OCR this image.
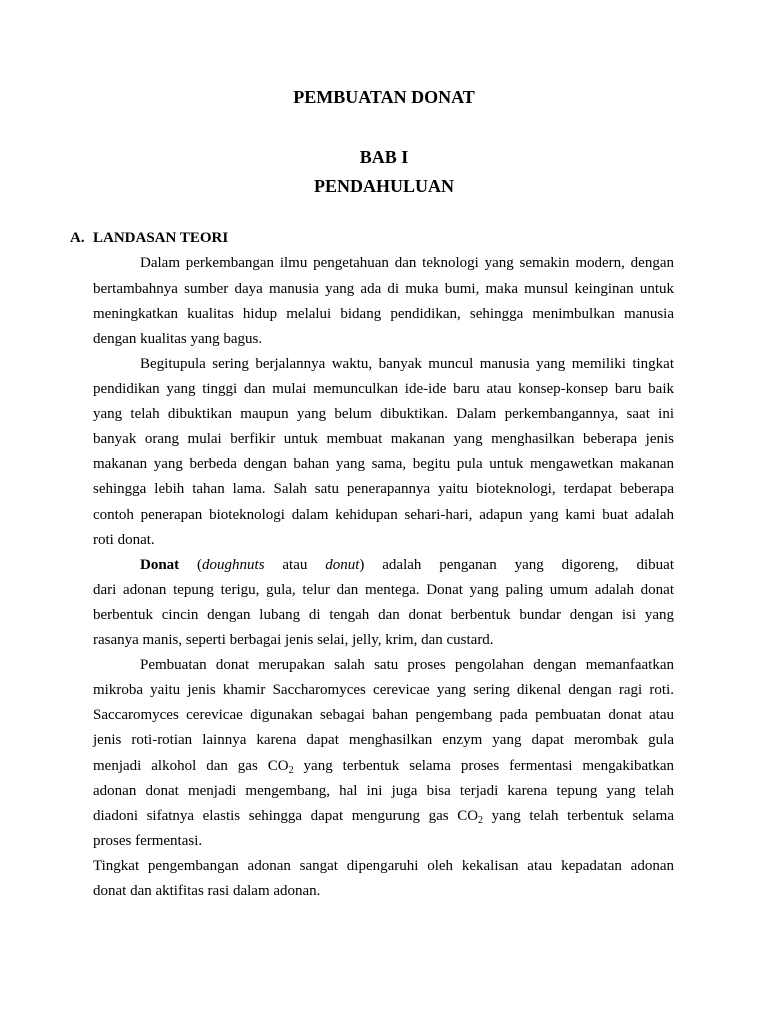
PEMBUATAN DONAT
BAB I
PENDAHULUAN
A. LANDASAN TEORI
Dalam perkembangan ilmu pengetahuan dan teknologi yang semakin modern, dengan
bertambahnya sumber daya manusia yang ada di muka bumi, maka munsul keinginan untuk
meningkatkan kualitas hidup melalui bidang pendidikan, sehingga menimbulkan manusia
dengan kualitas yang bagus.
Begitupula sering berjalannya waktu, banyak muncul manusia yang memiliki tingkat
pendidikan yang tinggi dan mulai memunculkan ide-ide baru atau konsep-konsep baru baik
yang telah dibuktikan maupun yang belum dibuktikan. Dalam perkembangannya, saat ini
banyak orang mulai berfikir untuk membuat makanan yang menghasilkan beberapa jenis
makanan yang berbeda dengan bahan yang sama, begitu pula untuk mengawetkan makanan
sehingga lebih tahan lama. Salah satu penerapannya yaitu bioteknologi, terdapat beberapa
contoh penerapan bioteknologi dalam kehidupan sehari-hari, adapun yang kami buat adalah
roti donat.
Donat (doughnuts atau donut) adalah penganan yang digoreng, dibuat
dari adonan tepung terigu, gula, telur dan mentega. Donat yang paling umum adalah donat
berbentuk cincin dengan lubang di tengah dan donat berbentuk bundar dengan isi yang
rasanya manis, seperti berbagai jenis selai, jelly, krim, dan custard.
Pembuatan donat merupakan salah satu proses pengolahan dengan memanfaatkan
mikroba yaitu jenis khamir Saccharomyces cerevicae yang sering dikenal dengan ragi roti.
Saccaromyces cerevicae digunakan sebagai bahan pengembang pada pembuatan donat atau
jenis roti-rotian lainnya karena dapat menghasilkan enzym yang dapat merombak gula
menjadi alkohol dan gas $CO_2$ yang terbentuk selama proses fermentasi mengakibatkan
adonan donat menjadi mengembang, hal ini juga bisa terjadi karena tepung yang telah
diadoni sifatnya elastis sehingga dapat mengurung gas $CO_2$ yang telah terbentuk selama
proses fermentasi.
Tingkat pengembangan adonan sangat dipengaruhi oleh kekalisan atau kepadatan adonan
donat dan aktifitas rasi dalam adonan.
